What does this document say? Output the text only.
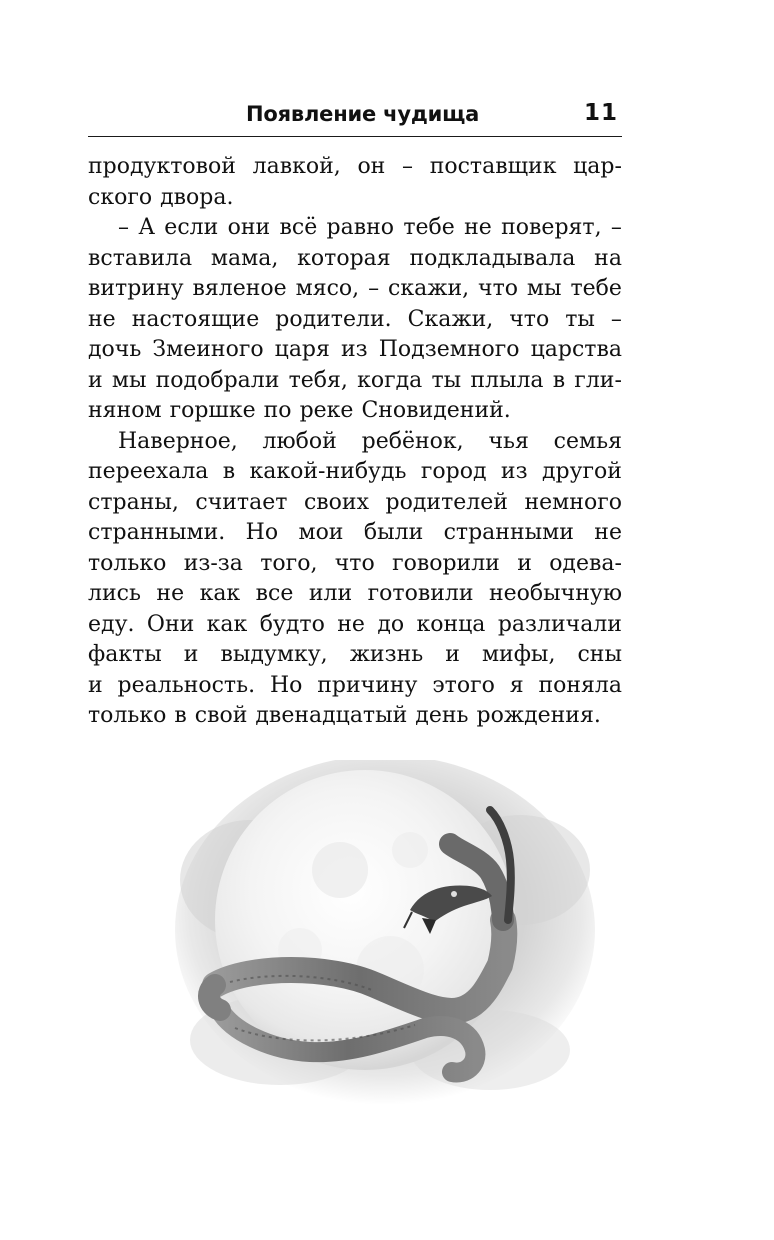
Появление чудища	11
продуктовой лавкой, он – поставщик цар-
ского двора.
– А если они всё равно тебе не поверят, –
вставила мама, которая подкладывала на
витрину вяленое мясо, – скажи, что мы тебе
не настоящие родители. Скажи, что ты –
дочь Змеиного царя из Подземного царства
и мы подобрали тебя, когда ты плыла в гли-
няном горшке по реке Сновидений.
Наверное, любой ребёнок, чья семья
переехала в какой-нибудь город из другой
страны, считает своих родителей немного
странными. Но мои были странными не
только из-за того, что говорили и одева-
лись не как все или готовили необычную
еду. Они как будто не до конца различали
факты и выдумку, жизнь и мифы, сны
и реальность. Но причину этого я поняла
только в свой двенадцатый день рождения.
